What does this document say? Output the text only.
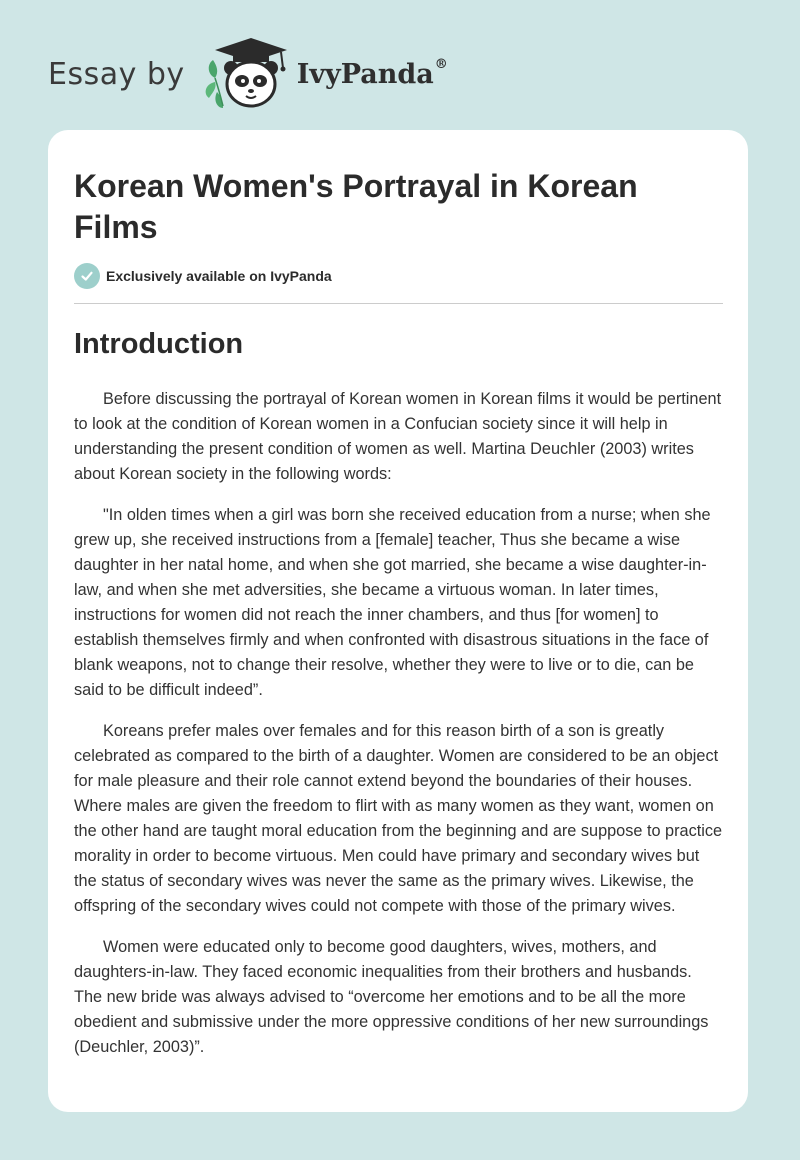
Essay by	IvyPanda®
Korean Women's Portrayal in Korean Films
Exclusively available on IvyPanda
Introduction

Before discussing the portrayal of Korean women in Korean films it would be pertinent to look at the condition of Korean women in a Confucian society since it will help in understanding the present condition of women as well. Martina Deuchler (2003) writes about Korean society in the following words:

"In olden times when a girl was born she received education from a nurse; when she grew up, she received instructions from a [female] teacher, Thus she became a wise daughter in her natal home, and when she got married, she became a wise daughter-in-law, and when she met adversities, she became a virtuous woman. In later times, instructions for women did not reach the inner chambers, and thus [for women] to establish themselves firmly and when confronted with disastrous situations in the face of blank weapons, not to change their resolve, whether they were to live or to die, can be said to be difficult indeed”.

Koreans prefer males over females and for this reason birth of a son is greatly celebrated as compared to the birth of a daughter. Women are considered to be an object for male pleasure and their role cannot extend beyond the boundaries of their houses. Where males are given the freedom to flirt with as many women as they want, women on the other hand are taught moral education from the beginning and are suppose to practice morality in order to become virtuous. Men could have primary and secondary wives but the status of secondary wives was never the same as the primary wives. Likewise, the offspring of the secondary wives could not compete with those of the primary wives.

Women were educated only to become good daughters, wives, mothers, and daughters-in-law. They faced economic inequalities from their brothers and husbands. The new bride was always advised to “overcome her emotions and to be all the more obedient and submissive under the more oppressive conditions of her new surroundings (Deuchler, 2003)”.
